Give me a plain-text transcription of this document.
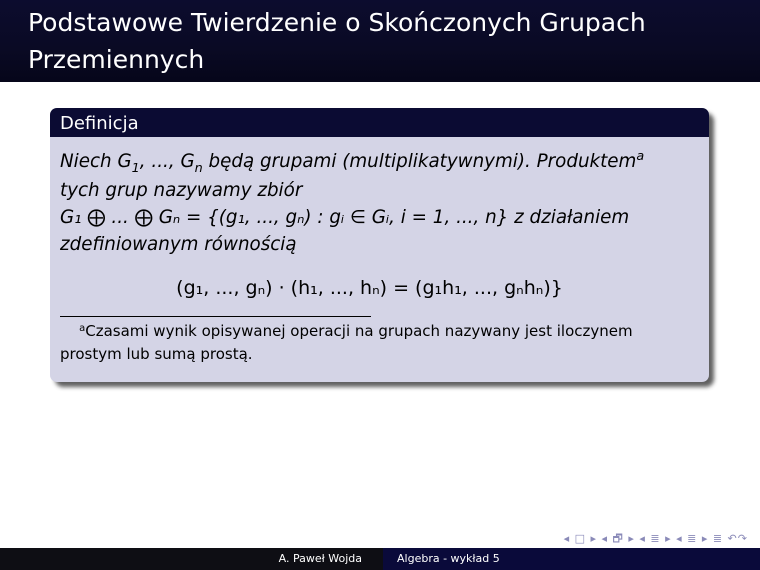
Podstawowe Twierdzenie o Skończonych Grupach Przemiennych
Definicja
Niech $G_1$, ..., $G_n$ będą grupami (multiplikatywnymi). Produktem$^a$
tych grup nazywamy zbiór
G₁ ⨁ ... ⨁ Gₙ = {(g₁, ..., gₙ) : gᵢ ∈ Gᵢ, i = 1, ..., n} z działaniem
zdefiniowanym równością
(g₁, ..., gₙ) · (h₁, ..., hₙ) = (g₁h₁, ..., gₙhₙ)}
$^a$Czasami wynik opisywanej operacji na grupach nazywany jest iloczynem prostym lub sumą prostą.
◂ □ ▸ ◂ 🗗 ▸ ◂ ≣ ▸ ◂ ≣ ▸ ≣ ↶↷
A. Paweł Wojda	Algebra - wykład 5
